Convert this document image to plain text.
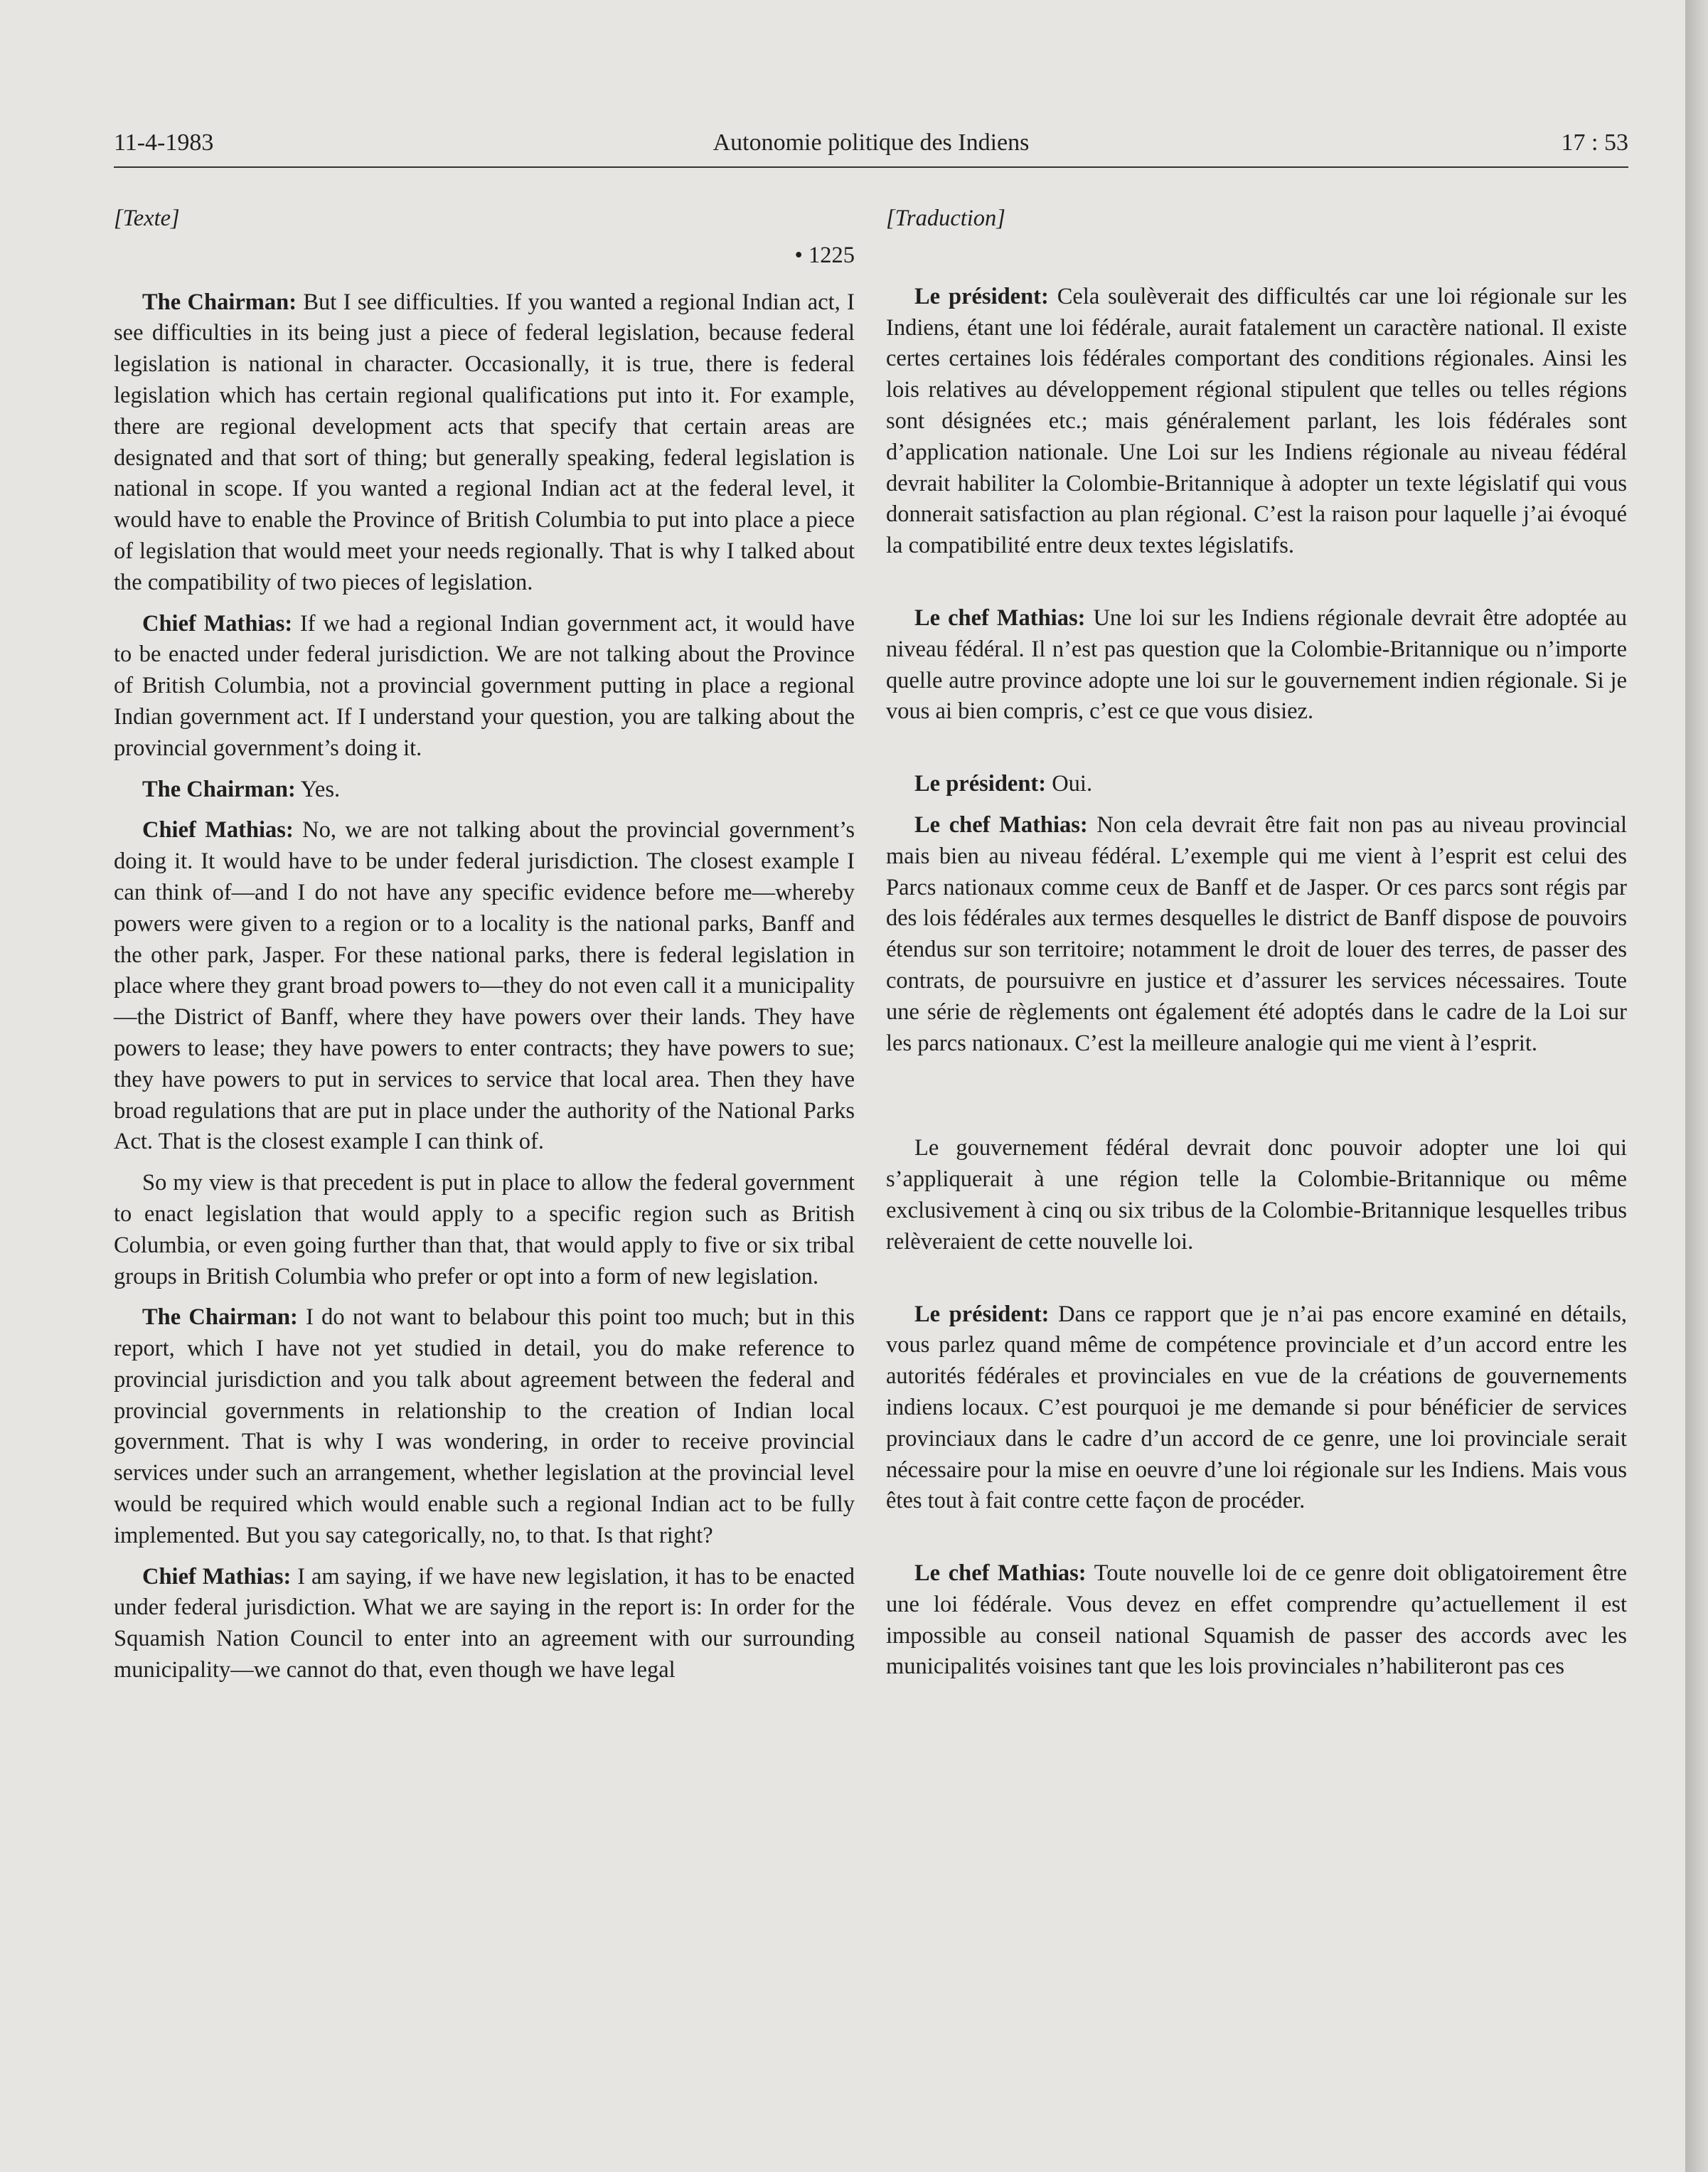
11-4-1983	Autonomie politique des Indiens	17 : 53
[Texte]
• 1225

The Chairman: But I see difficulties. If you wanted a regional Indian act, I see difficulties in its being just a piece of federal legislation, because federal legislation is national in character. Occasionally, it is true, there is federal legislation which has certain regional qualifications put into it. For example, there are regional development acts that specify that certain areas are designated and that sort of thing; but generally speaking, federal legislation is national in scope. If you wanted a regional Indian act at the federal level, it would have to enable the Province of British Columbia to put into place a piece of legislation that would meet your needs regionally. That is why I talked about the compatibility of two pieces of legislation.

Chief Mathias: If we had a regional Indian government act, it would have to be enacted under federal jurisdiction. We are not talking about the Province of British Columbia, not a provincial government putting in place a regional Indian government act. If I understand your question, you are talking about the provincial government’s doing it.

The Chairman: Yes.

Chief Mathias: No, we are not talking about the provincial government’s doing it. It would have to be under federal jurisdiction. The closest example I can think of—and I do not have any specific evidence before me—whereby powers were given to a region or to a locality is the national parks, Banff and the other park, Jasper. For these national parks, there is federal legislation in place where they grant broad powers to—they do not even call it a municipality—the District of Banff, where they have powers over their lands. They have powers to lease; they have powers to enter contracts; they have powers to sue; they have powers to put in services to service that local area. Then they have broad regulations that are put in place under the authority of the National Parks Act. That is the closest example I can think of.

So my view is that precedent is put in place to allow the federal government to enact legislation that would apply to a specific region such as British Columbia, or even going further than that, that would apply to five or six tribal groups in British Columbia who prefer or opt into a form of new legislation.

The Chairman: I do not want to belabour this point too much; but in this report, which I have not yet studied in detail, you do make reference to provincial jurisdiction and you talk about agreement between the federal and provincial governments in relationship to the creation of Indian local government. That is why I was wondering, in order to receive provincial services under such an arrangement, whether legislation at the provincial level would be required which would enable such a regional Indian act to be fully implemented. But you say categorically, no, to that. Is that right?

Chief Mathias: I am saying, if we have new legislation, it has to be enacted under federal jurisdiction. What we are saying in the report is: In order for the Squamish Nation Council to enter into an agreement with our surrounding municipality—we cannot do that, even though we have legal

[Traduction]

Le président: Cela soulèverait des difficultés car une loi régionale sur les Indiens, étant une loi fédérale, aurait fatalement un caractère national. Il existe certes certaines lois fédérales comportant des conditions régionales. Ainsi les lois relatives au développement régional stipulent que telles ou telles régions sont désignées etc.; mais généralement parlant, les lois fédérales sont d’application nationale. Une Loi sur les Indiens régionale au niveau fédéral devrait habiliter la Colombie-Britannique à adopter un texte législatif qui vous donnerait satisfaction au plan régional. C’est la raison pour laquelle j’ai évoqué la compatibilité entre deux textes législatifs.

Le chef Mathias: Une loi sur les Indiens régionale devrait être adoptée au niveau fédéral. Il n’est pas question que la Colombie-Britannique ou n’importe quelle autre province adopte une loi sur le gouvernement indien régionale. Si je vous ai bien compris, c’est ce que vous disiez.

Le président: Oui.

Le chef Mathias: Non cela devrait être fait non pas au niveau provincial mais bien au niveau fédéral. L’exemple qui me vient à l’esprit est celui des Parcs nationaux comme ceux de Banff et de Jasper. Or ces parcs sont régis par des lois fédérales aux termes desquelles le district de Banff dispose de pouvoirs étendus sur son territoire; notamment le droit de louer des terres, de passer des contrats, de poursuivre en justice et d’assurer les services nécessaires. Toute une série de règlements ont également été adoptés dans le cadre de la Loi sur les parcs nationaux. C’est la meilleure analogie qui me vient à l’esprit.

Le gouvernement fédéral devrait donc pouvoir adopter une loi qui s’appliquerait à une région telle la Colombie-Britannique ou même exclusivement à cinq ou six tribus de la Colombie-Britannique lesquelles tribus relèveraient de cette nouvelle loi.

Le président: Dans ce rapport que je n’ai pas encore examiné en détails, vous parlez quand même de compétence provinciale et d’un accord entre les autorités fédérales et provinciales en vue de la créations de gouvernements indiens locaux. C’est pourquoi je me demande si pour bénéficier de services provinciaux dans le cadre d’un accord de ce genre, une loi provinciale serait nécessaire pour la mise en oeuvre d’une loi régionale sur les Indiens. Mais vous êtes tout à fait contre cette façon de procéder.

Le chef Mathias: Toute nouvelle loi de ce genre doit obligatoirement être une loi fédérale. Vous devez en effet comprendre qu’actuellement il est impossible au conseil national Squamish de passer des accords avec les municipalités voisines tant que les lois provinciales n’habiliteront pas ces
